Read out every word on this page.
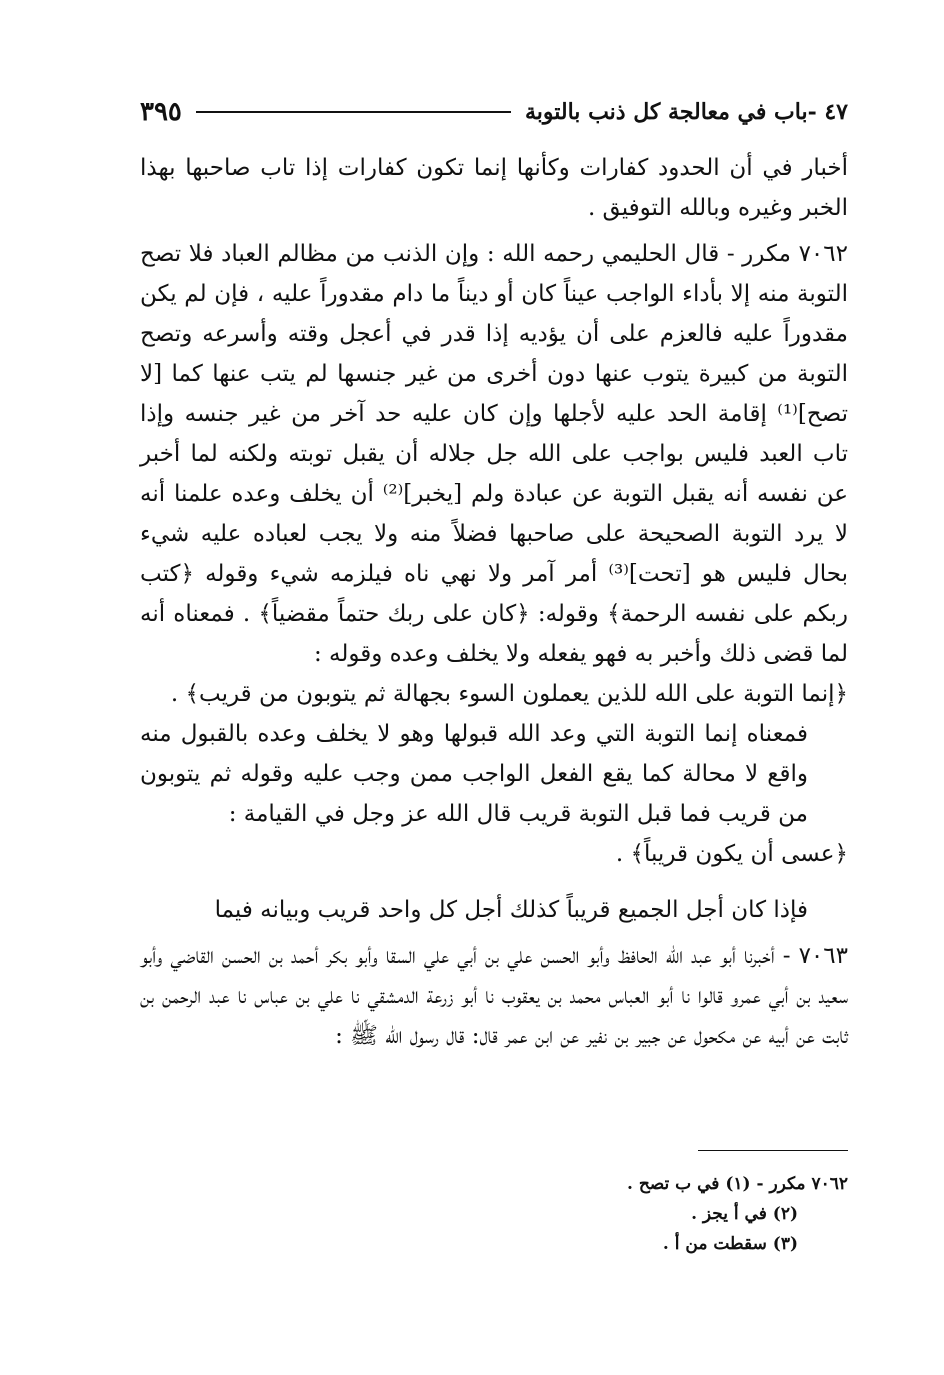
٤٧ -باب في معالجة كل ذنب بالتوبة
٣٩٥

أخبار في أن الحدود كفارات وكأنها إنما تكون كفارات إذا تاب صاحبها بهذا الخبر وغيره وبالله التوفيق .

٧٠٦٢ مكرر - قال الحليمي رحمه الله : وإن الذنب من مظالم العباد فلا تصح التوبة منه إلا بأداء الواجب عيناً كان أو ديناً ما دام مقدوراً عليه ، فإن لم يكن مقدوراً عليه فالعزم على أن يؤديه إذا قدر في أعجل وقته وأسرعه وتصح التوبة من كبيرة يتوب عنها دون أخرى من غير جنسها لم يتب عنها كما [لا تصح]⁽¹⁾ إقامة الحد عليه لأجلها وإن كان عليه حد آخر من غير جنسه وإذا تاب العبد فليس بواجب على الله جل جلاله أن يقبل توبته ولكنه لما أخبر عن نفسه أنه يقبل التوبة عن عبادة ولم [يخبر]⁽²⁾ أن يخلف وعده علمنا أنه لا يرد التوبة الصحيحة على صاحبها فضلاً منه ولا يجب لعباده عليه شيء بحال فليس هو [تحت]⁽³⁾ أمر آمر ولا نهي ناه فيلزمه شيء وقوله ﴿كتب ربكم على نفسه الرحمة﴾ وقوله: ﴿كان على ربك حتماً مقضياً﴾ . فمعناه أنه لما قضى ذلك وأخبر به فهو يفعله ولا يخلف وعده وقوله :

﴿إنما التوبة على الله للذين يعملون السوء بجهالة ثم يتوبون من قريب﴾ .

فمعناه إنما التوبة التي وعد الله قبولها وهو لا يخلف وعده بالقبول منه واقع لا محالة كما يقع الفعل الواجب ممن وجب عليه وقوله ثم يتوبون من قريب فما قبل التوبة قريب قال الله عز وجل في القيامة :

﴿عسى أن يكون قريباً﴾ .

فإذا كان أجل الجميع قريباً كذلك أجل كل واحد قريب وبيانه فيما

٧٠٦٣ - أخبرنا أبو عبد الله الحافظ وأبو الحسن علي بن أبي علي السقا وأبو بكر أحمد بن الحسن القاضي وأبو سعيد بن أبي عمرو قالوا نا أبو العباس محمد بن يعقوب نا أبو زرعة الدمشقي نا علي بن عباس نا عبد الرحمن بن ثابت عن أبيه عن مكحول عن جبير بن نفير عن ابن عمر قال: قال رسول الله ﷺ :

٧٠٦٢ مكرر - (١) في ب تصح .

(٢) في أ يجز .

(٣) سقطت من أ .
